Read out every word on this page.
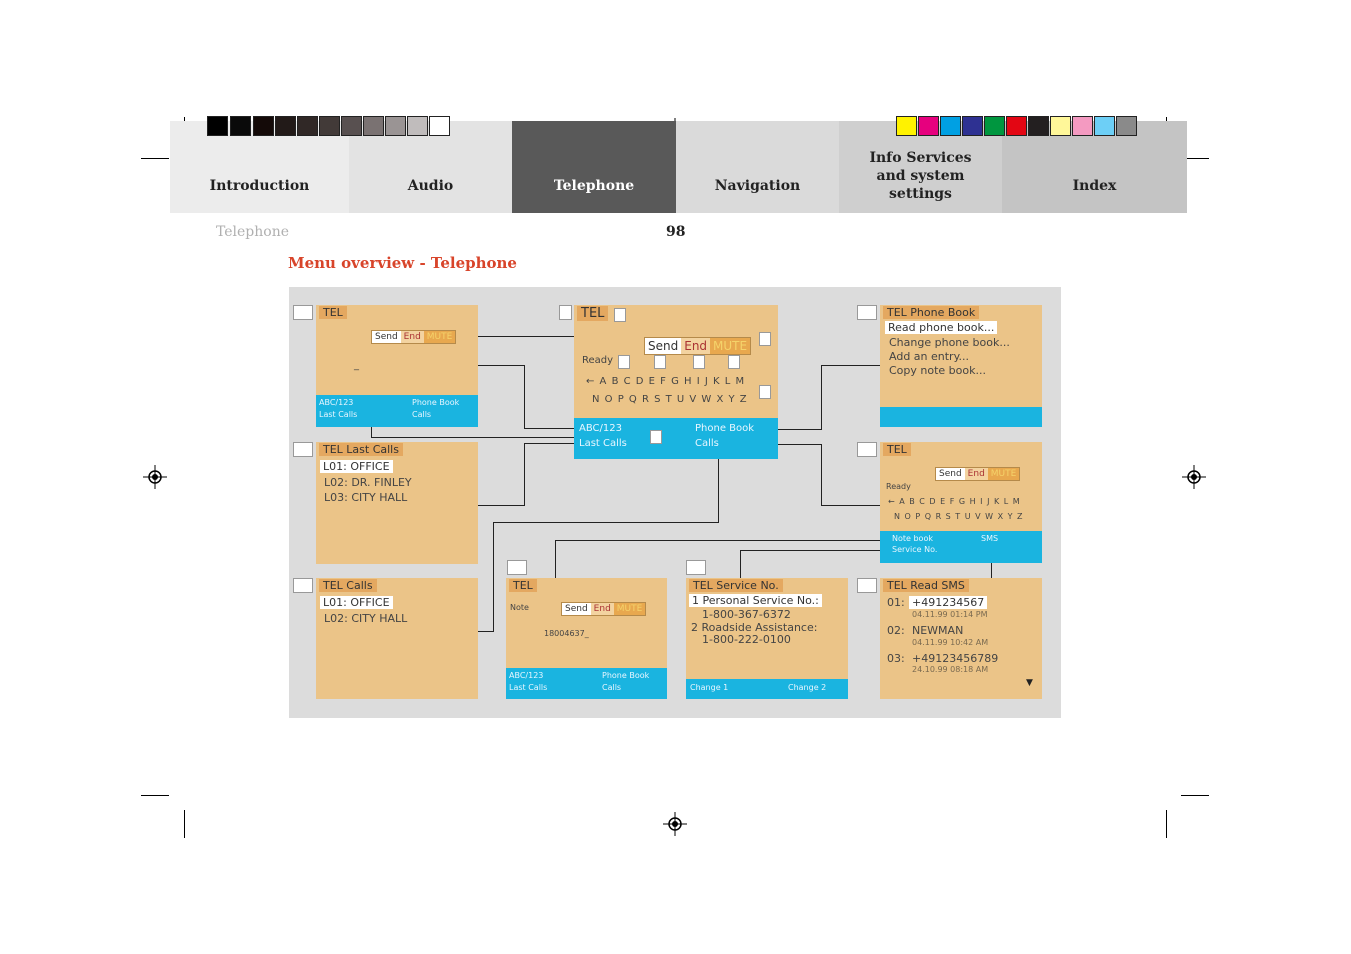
Introduction	Audio	Telephone	Navigation
Info Services and system settings	Index
Telephone	98
Menu overview - Telephone
TEL
Send End MUTE
_
ABC/123
Last Calls
Phone Book
Calls
TEL
Send End MUTE
Ready
← A B C D E F G H I J K L M
N O P Q R S T U V W X Y Z
ABC/123
Last Calls
Phone Book
Calls
TEL Last Calls
L01: OFFICE
L02: DR. FINLEY
L03: CITY HALL
TEL Calls
L01: OFFICE
L02: CITY HALL
TEL
Note	Send End MUTE
18004637_
ABC/123
Last Calls
Phone Book
Calls
TEL Service No.
1 Personal Service No.:
1-800-367-6372
2 Roadside Assistance:
1-800-222-0100
Change 1	Change 2
TEL Phone Book
Read phone book...
Change phone book...
Add an entry...
Copy note book...
TEL
Send End MUTE
Ready
← A B C D E F G H I J K L M
N O P Q R S T U V W X Y Z
Note book
Service No.
SMS
TEL Read SMS
01: +491234567
04.11.99 01:14 PM
02: NEWMAN
04.11.99 10:42 AM
03: +49123456789
24.10.99 08:18 AM
▼
